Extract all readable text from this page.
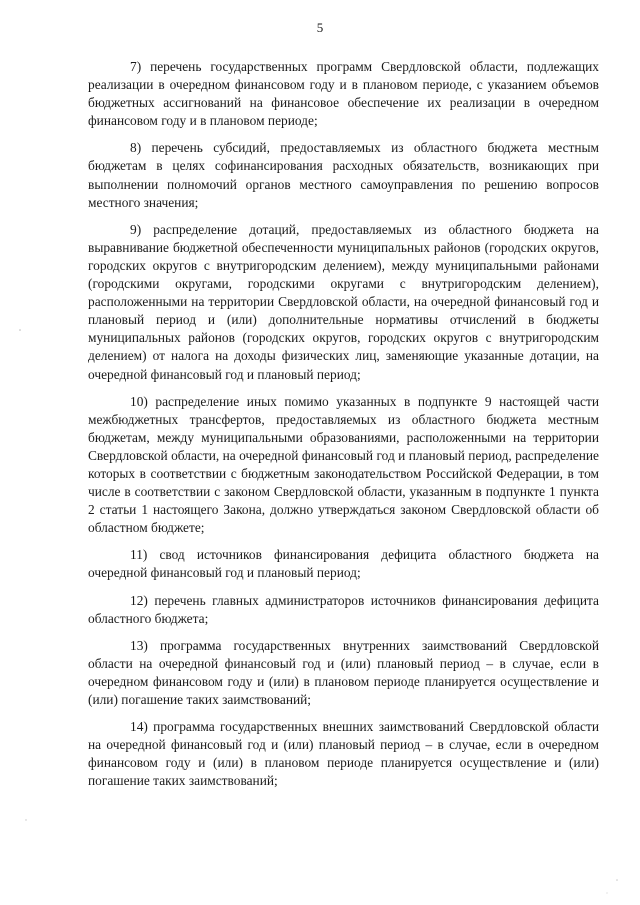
5

7) перечень государственных программ Свердловской области, подлежащих реализации в очередном финансовом году и в плановом периоде, с указанием объемов бюджетных ассигнований на финансовое обеспечение их реализации в очередном финансовом году и в плановом периоде;

8) перечень субсидий, предоставляемых из областного бюджета местным бюджетам в целях софинансирования расходных обязательств, возникающих при выполнении полномочий органов местного самоуправления по решению вопросов местного значения;

9) распределение дотаций, предоставляемых из областного бюджета на выравнивание бюджетной обеспеченности муниципальных районов (городских округов, городских округов с внутригородским делением), между муниципальными районами (городскими округами, городскими округами с внутригородским делением), расположенными на территории Свердловской области, на очередной финансовый год и плановый период и (или) дополнительные нормативы отчислений в бюджеты муниципальных районов (городских округов, городских округов с внутригородским делением) от налога на доходы физических лиц, заменяющие указанные дотации, на очередной финансовый год и плановый период;

10) распределение иных помимо указанных в подпункте 9 настоящей части межбюджетных трансфертов, предоставляемых из областного бюджета местным бюджетам, между муниципальными образованиями, расположенными на территории Свердловской области, на очередной финансовый год и плановый период, распределение которых в соответствии с бюджетным законодательством Российской Федерации, в том числе в соответствии с законом Свердловской области, указанным в подпункте 1 пункта 2 статьи 1 настоящего Закона, должно утверждаться законом Свердловской области об областном бюджете;

11) свод источников финансирования дефицита областного бюджета на очередной финансовый год и плановый период;

12) перечень главных администраторов источников финансирования дефицита областного бюджета;

13) программа государственных внутренних заимствований Свердловской области на очередной финансовый год и (или) плановый период – в случае, если в очередном финансовом году и (или) в плановом периоде планируется осуществление и (или) погашение таких заимствований;

14) программа государственных внешних заимствований Свердловской области на очередной финансовый год и (или) плановый период – в случае, если в очередном финансовом году и (или) в плановом периоде планируется осуществление и (или) погашение таких заимствований;
